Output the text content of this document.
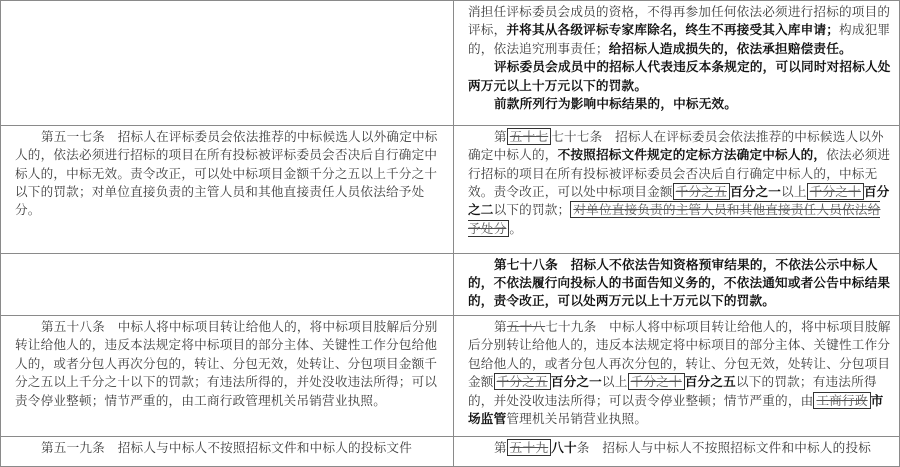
	消担任评标委员会成员的资格，不得再参加任何依法必须进行招标的项目的评标，并将其从各级评标专家库除名，终生不再接受其入库申请；构成犯罪的，依法追究刑事责任；给招标人造成损失的，依法承担赔偿责任。

评标委员会成员中的招标人代表违反本条规定的，可以同时对招标人处两万元以上十万元以下的罚款。

前款所列行为影响中标结果的，中标无效。

第五一七条　招标人在评标委员会依法推荐的中标候选人以外确定中标人的，依法必须进行招标的项目在所有投标被评标委员会否决后自行确定中标人的，中标无效。责令改正，可以处中标项目金额千分之五以上千分之十以下的罚款；对单位直接负责的主管人员和其他直接责任人员依法给予处分。	第 五十七 七十七条　招标人在评标委员会依法推荐的中标候选人以外确定中标人的，不按照招标文件规定的定标方法确定中标人的，依法必须进行招标的项目在所有投标被评标委员会否决后自行确定中标人的，中标无效。责令改正，可以处中标项目金额 千分之五 百分之一以上 千分之十 百分之二以下的罚款； 对单位直接负责的主管人员和其他直接责任人员依法给予处分 。

	第七十八条　招标人不依法告知资格预审结果的，不依法公示中标人的，不依法履行向投标人的书面告知义务的，不依法通知或者公告中标结果的，责令改正，可以处两万元以上十万元以下的罚款。

第五十八条　中标人将中标项目转让给他人的，将中标项目肢解后分别转让给他人的，违反本法规定将中标项目的部分主体、关键性工作分包给他人的，或者分包人再次分包的，转让、分包无效，处转让、分包项目金额千分之五以上千分之十以下的罚款；有违法所得的，并处没收违法所得；可以责令停业整顿；情节严重的，由工商行政管理机关吊销营业执照。	第五十八七十九条　中标人将中标项目转让给他人的，将中标项目肢解后分别转让给他人的，违反本法规定将中标项目的部分主体、关键性工作分包给他人的，或者分包人再次分包的，转让、分包无效，处转让、分包项目金额 千分之五 百分之一以上 千分之十 百分之五以下的罚款；有违法所得的，并处没收违法所得；可以责令停业整顿；情节严重的，由 工商行政 市场监管管理机关吊销营业执照。

第五一九条　招标人与中标人不按照招标文件和中标人的投标文件	第 五十九 八十条　招标人与中标人不按照招标文件和中标人的投标
